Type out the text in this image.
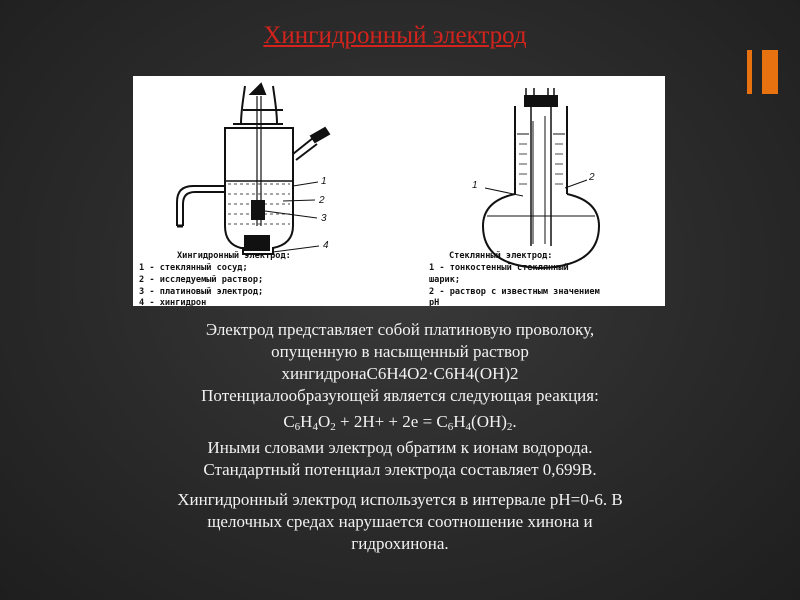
Хингидронный электрод
1
2
3
4
1
2
Хингидронный электрод:
1 - стеклянный сосуд;
2 - исследуемый раствор;
3 - платиновый электрод;
4 - хингидрон
Стеклянный электрод:
1 - тонкостенный стеклянный
шарик;
2 - раствор с известным значением
pH

Электрод представляет собой платиновую проволоку,

опущенную в насыщенный раствор

хингидронаС6Н4О2·С6Н4(ОН)2

Потенциалообразующей является следующая реакция:

$C_6H_4O_2 + 2H+ + 2e = C_6H_4(OH)_2$.

Иными словами электрод обратим к ионам водорода.

Стандартный потенциал электрода составляет 0,699В.

Хингидронный электрод используется в интервале pH=0-6. В

щелочных средах нарушается соотношение хинона и

гидрохинона.
